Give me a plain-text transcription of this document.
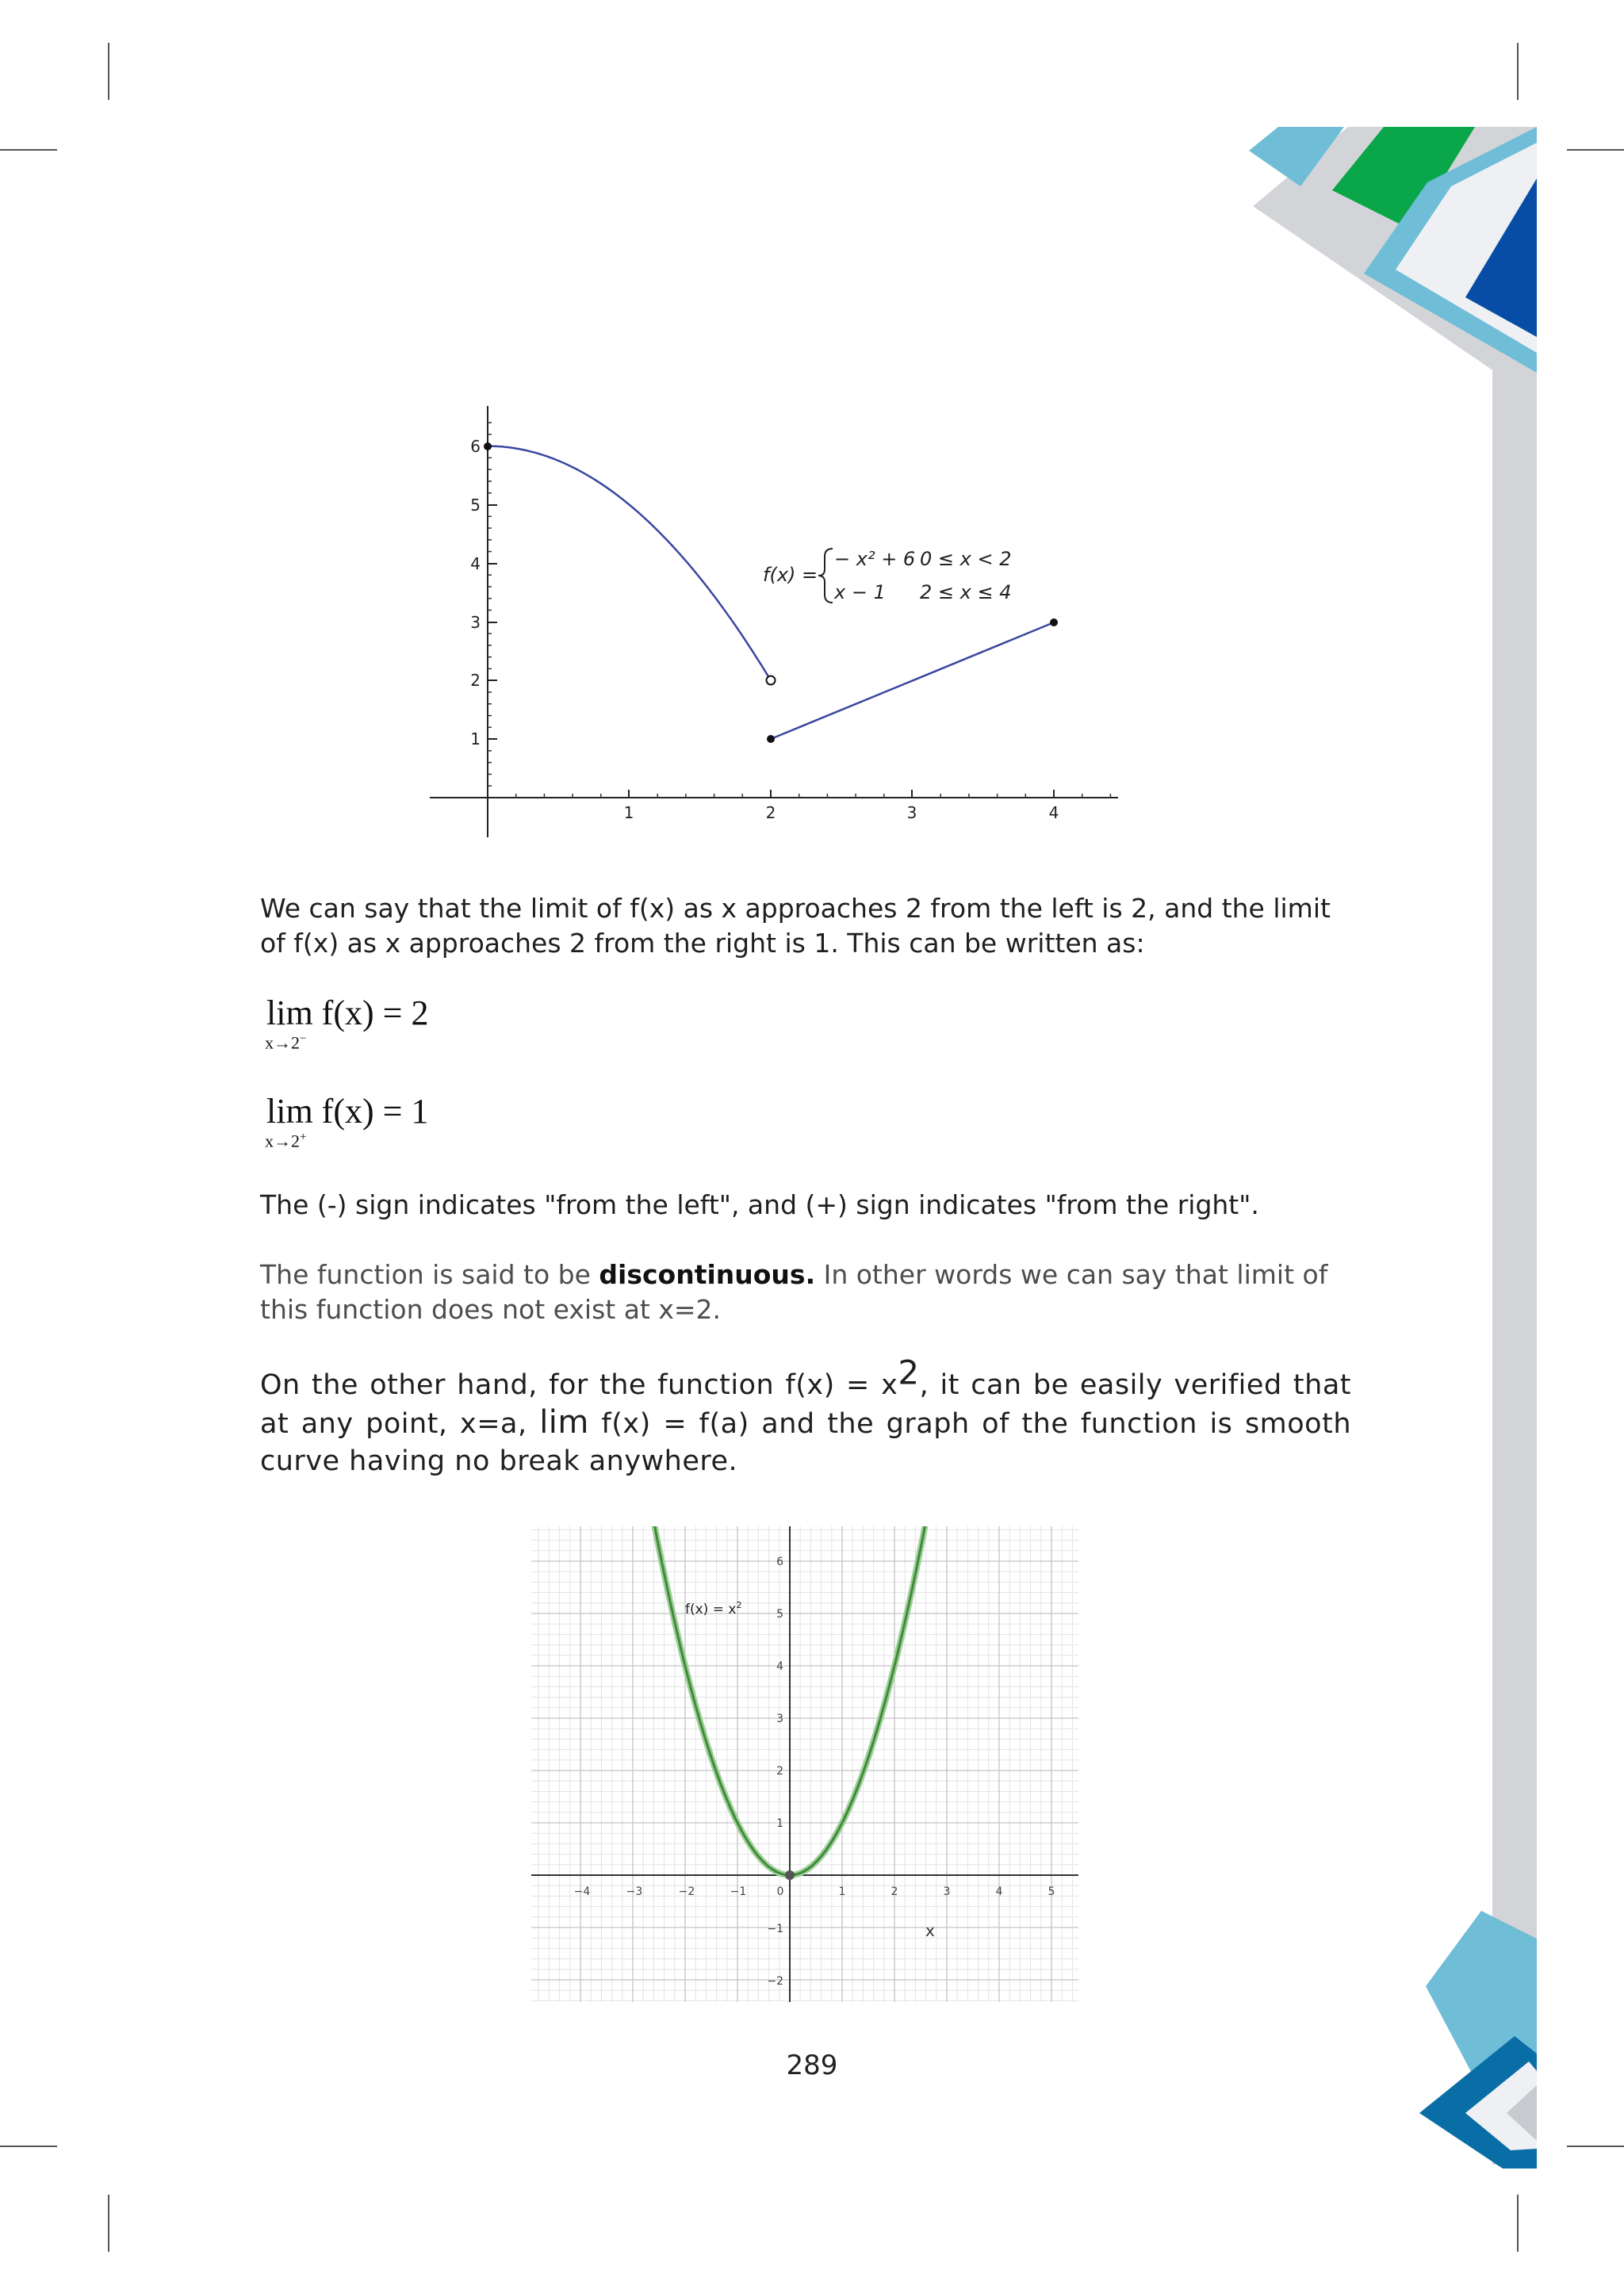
1	2	3	4
1
2
3
4
5
6
f(x) =
− x² + 6 0 ≤ x < 2
x − 1 2 ≤ x ≤ 4

We can say that the limit of f(x) as x approaches 2 from the left is 2, and the limit of f(x) as x approaches 2 from the right is 1. This can be written as:

lim f(x) = 2
x→2−
lim f(x) = 1
x→2+

The (-) sign indicates "from the left", and (+) sign indicates "from the right".

The function is said to be discontinuous. In other words we can say that limit of this function does not exist at x=2.

On the other hand, for the function $f(x) = x^2$, it can be easily verified that at any point, x=a, lim f(x) = f(a) and the graph of the function is smooth curve having no break anywhere.

−4	−3	−2	−1	0	1	2	3	4	5
−2
−1
1
2
3
4
5
6
x
$f(x) = x^2$
289
